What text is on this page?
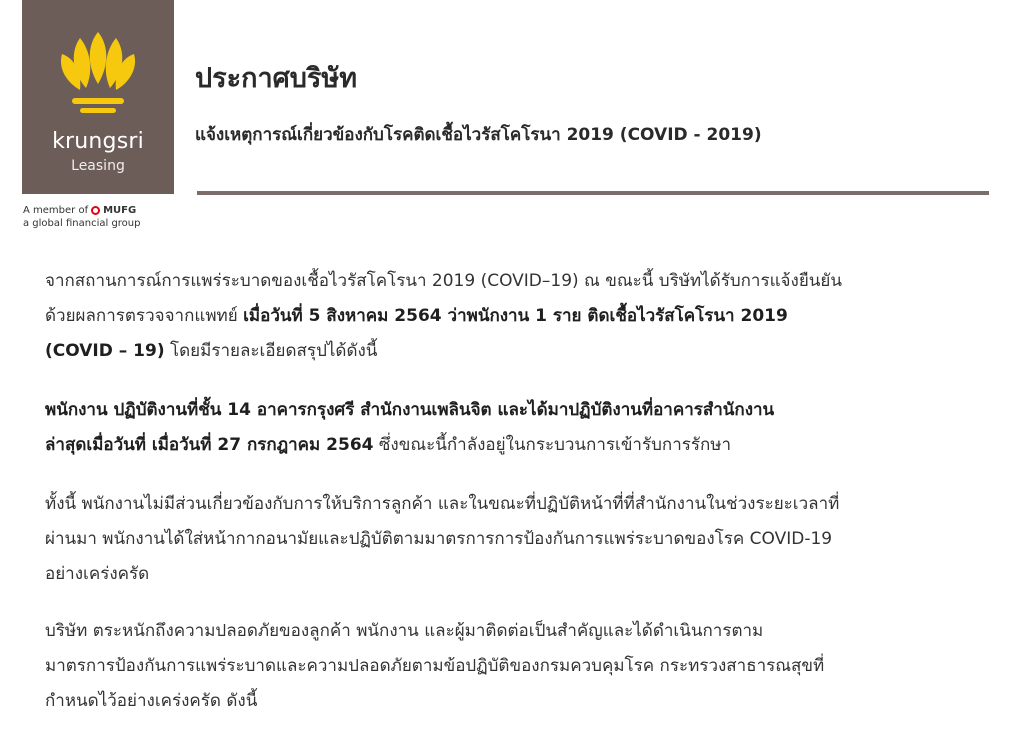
krungsri
Leasing
A member of MUFG
a global financial group
ประกาศบริษัท
แจ้งเหตุการณ์เกี่ยวข้องกับโรคติดเชื้อไวรัสโคโรนา 2019 (COVID - 2019)
จากสถานการณ์การแพร่ระบาดของเชื้อไวรัสโคโรนา 2019 (COVID–19) ณ ขณะนี้ บริษัทได้รับการแจ้งยืนยัน
ด้วยผลการตรวจจากแพทย์ เมื่อวันที่ 5 สิงหาคม 2564 ว่าพนักงาน 1 ราย ติดเชื้อไวรัสโคโรนา 2019
(COVID – 19) โดยมีรายละเอียดสรุปได้ดังนี้
พนักงาน ปฏิบัติงานที่ชั้น 14 อาคารกรุงศรี สำนักงานเพลินจิต และได้มาปฏิบัติงานที่อาคารสำนักงาน
ล่าสุดเมื่อวันที่ เมื่อวันที่ 27 กรกฎาคม 2564 ซึ่งขณะนี้กำลังอยู่ในกระบวนการเข้ารับการรักษา
ทั้งนี้ พนักงานไม่มีส่วนเกี่ยวข้องกับการให้บริการลูกค้า และในขณะที่ปฏิบัติหน้าที่ที่สำนักงานในช่วงระยะเวลาที่
ผ่านมา พนักงานได้ใส่หน้ากากอนามัยและปฏิบัติตามมาตรการการป้องกันการแพร่ระบาดของโรค COVID-19
อย่างเคร่งครัด
บริษัท ตระหนักถึงความปลอดภัยของลูกค้า พนักงาน และผู้มาติดต่อเป็นสำคัญและได้ดำเนินการตาม
มาตรการป้องกันการแพร่ระบาดและความปลอดภัยตามข้อปฏิบัติของกรมควบคุมโรค กระทรวงสาธารณสุขที่
กำหนดไว้อย่างเคร่งครัด ดังนี้
